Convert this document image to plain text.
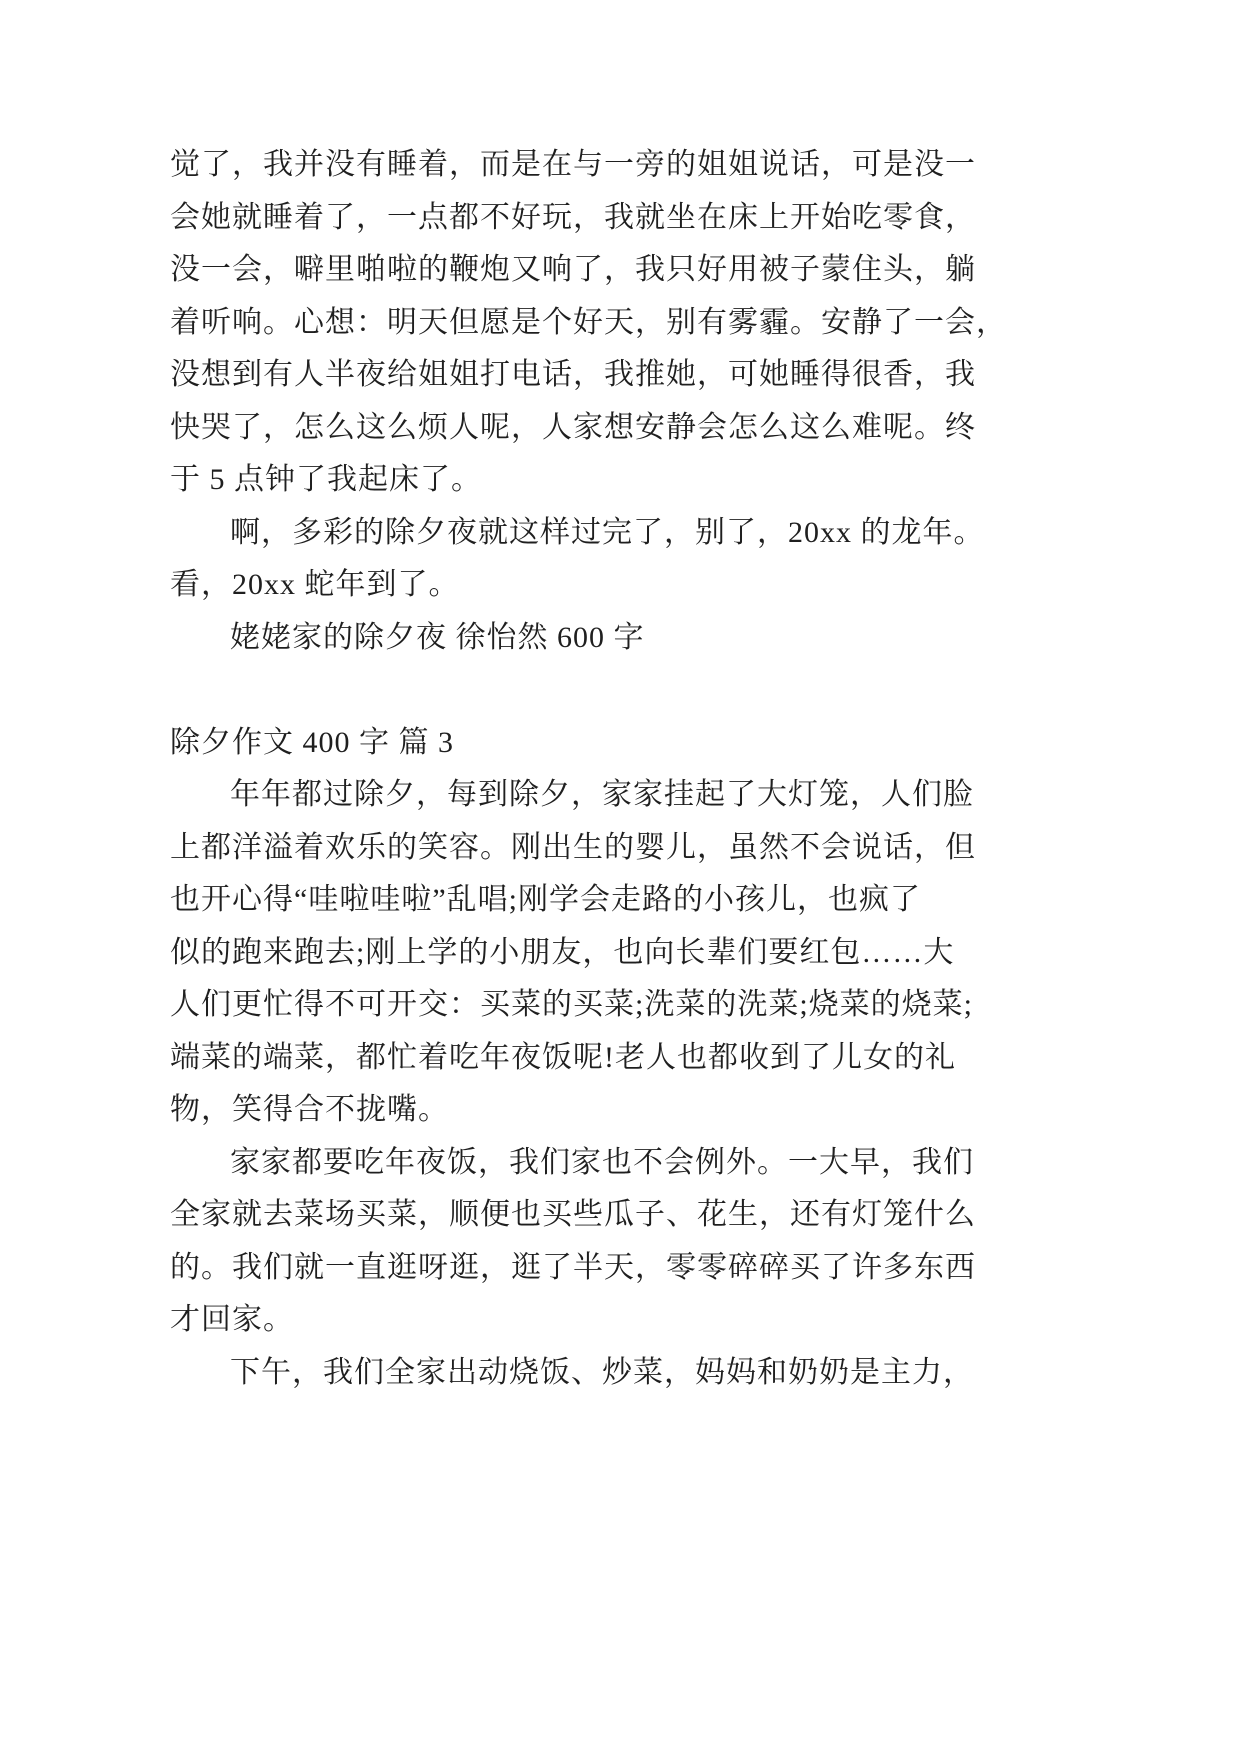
觉了，我并没有睡着，而是在与一旁的姐姐说话，可是没一
会她就睡着了，一点都不好玩，我就坐在床上开始吃零食，
没一会，噼里啪啦的鞭炮又响了，我只好用被子蒙住头，躺
着听响。心想：明天但愿是个好天，别有雾霾。安静了一会，
没想到有人半夜给姐姐打电话，我推她，可她睡得很香，我
快哭了，怎么这么烦人呢，人家想安静会怎么这么难呢。终
于 5 点钟了我起床了。
啊，多彩的除夕夜就这样过完了，别了，20xx 的龙年。
看，20xx 蛇年到了。
姥姥家的除夕夜 徐怡然 600 字
除夕作文 400 字 篇 3
年年都过除夕，每到除夕，家家挂起了大灯笼，人们脸
上都洋溢着欢乐的笑容。刚出生的婴儿，虽然不会说话，但
也开心得“哇啦哇啦”乱唱;刚学会走路的小孩儿，也疯了
似的跑来跑去;刚上学的小朋友，也向长辈们要红包……大
人们更忙得不可开交：买菜的买菜;洗菜的洗菜;烧菜的烧菜;
端菜的端菜，都忙着吃年夜饭呢!老人也都收到了儿女的礼
物，笑得合不拢嘴。
家家都要吃年夜饭，我们家也不会例外。一大早，我们
全家就去菜场买菜，顺便也买些瓜子、花生，还有灯笼什么
的。我们就一直逛呀逛，逛了半天，零零碎碎买了许多东西
才回家。
下午，我们全家出动烧饭、炒菜，妈妈和奶奶是主力，
